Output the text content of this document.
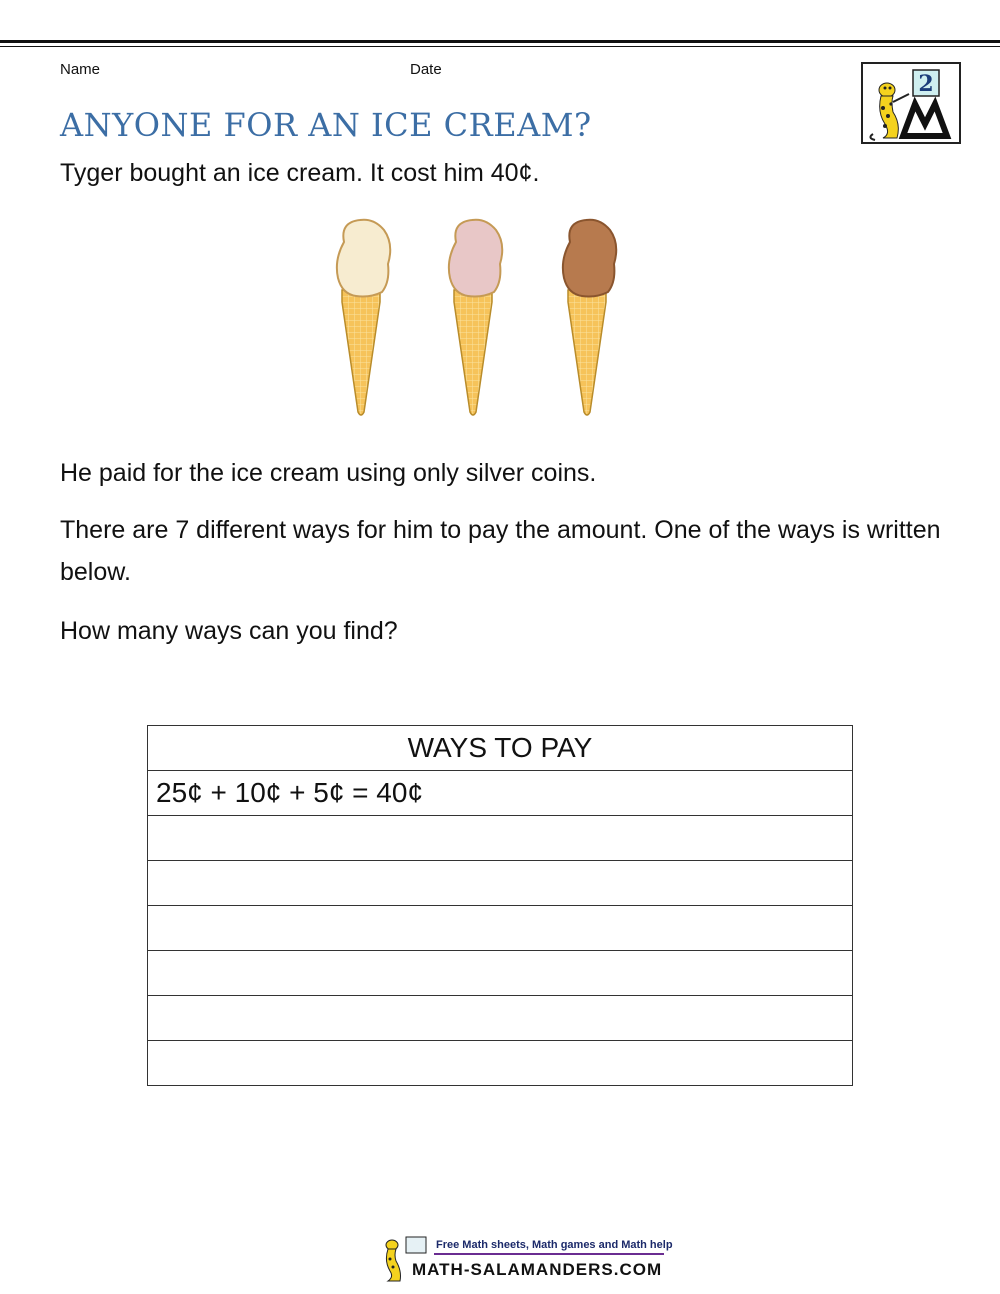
Name	Date
2
ANYONE FOR AN ICE CREAM?

Tyger bought an ice cream. It cost him 40¢.

He paid for the ice cream using only silver coins.

There are 7 different ways for him to pay the amount. One of the ways is written below.

How many ways can you find?

WAYS TO PAY
25¢ + 10¢ + 5¢ = 40¢

Free Math sheets, Math games and Math help
MATH-SALAMANDERS.COM
